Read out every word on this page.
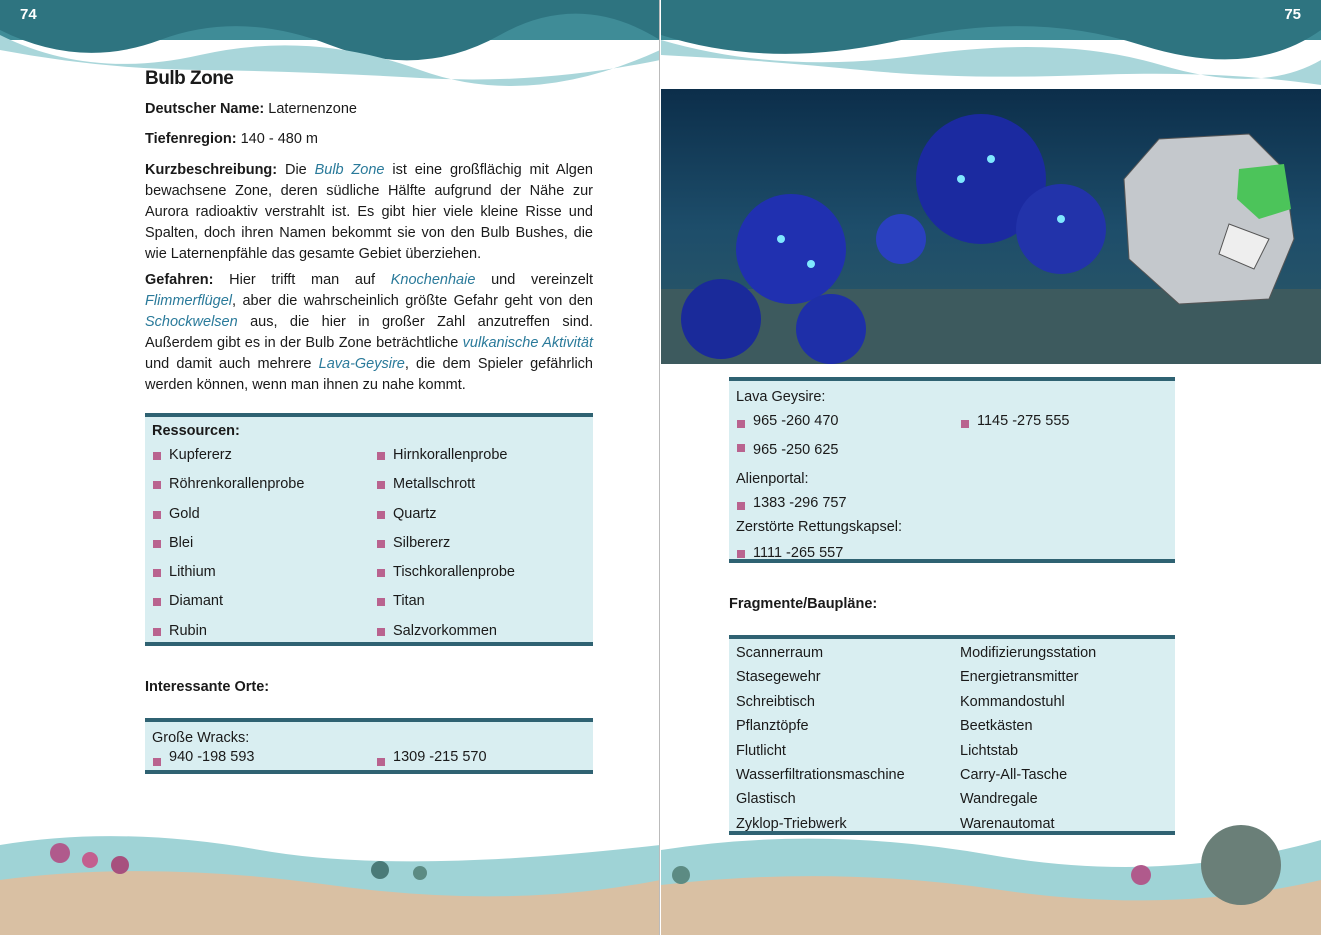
74
Bulb Zone
Deutscher Name: Laternenzone
Tiefenregion: 140 - 480 m
Kurzbeschreibung: Die Bulb Zone ist eine großflächig mit Algen bewachsene Zone, deren südliche Hälfte aufgrund der Nähe zur Aurora radioaktiv verstrahlt ist. Es gibt hier viele kleine Risse und Spalten, doch ihren Namen bekommt sie von den Bulb Bushes, die wie Laternenpfähle das gesamte Gebiet überziehen.
Gefahren: Hier trifft man auf Knochenhaie und vereinzelt Flimmerflügel, aber die wahrscheinlich größte Gefahr geht von den Schockwelsen aus, die hier in großer Zahl anzutreffen sind. Außerdem gibt es in der Bulb Zone beträchtliche vulkanische Aktivität und damit auch mehrere Lava-Geysire, die dem Spieler gefährlich werden können, wenn man ihnen zu nahe kommt.
Ressourcen:
Kupfererz	Hirnkorallenprobe
Röhrenkorallenprobe	Metallschrott
Gold	Quartz
Blei	Silbererz
Lithium	Tischkorallenprobe
Diamant	Titan
Rubin	Salzvorkommen
Interessante Orte:
Große Wracks:
940 -198 593	1309 -215 570
75
Lava Geysire:
965 -260 470	1145 -275 555
965 -250 625
Alienportal:
1383 -296 757
Zerstörte Rettungskapsel:
1111 -265 557
Fragmente/Baupläne:
Scannerraum	Modifizierungsstation
Stasegewehr	Energietransmitter
Schreibtisch	Kommandostuhl
Pflanztöpfe	Beetkästen
Flutlicht	Lichtstab
Wasserfiltrationsmaschine	Carry-All-Tasche
Glastisch	Wandregale
Zyklop-Triebwerk	Warenautomat
